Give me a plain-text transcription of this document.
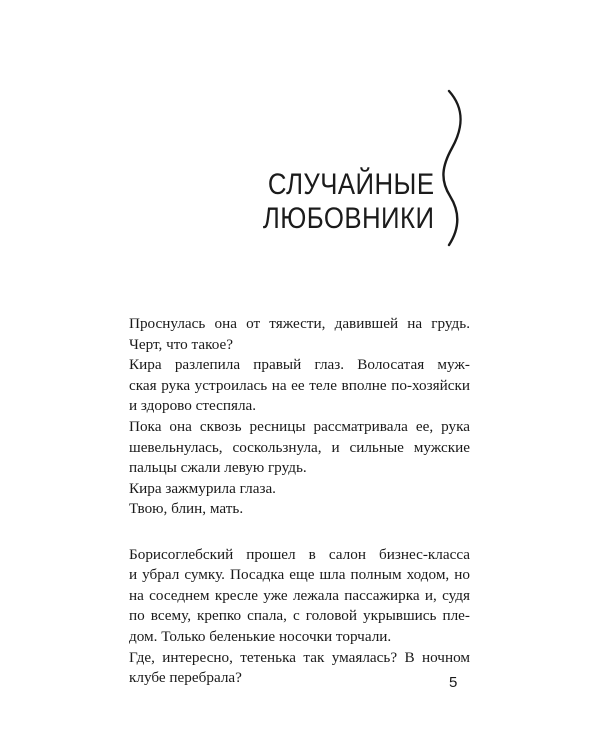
СЛУЧАЙНЫЕ
ЛЮБОВНИКИ
Проснулась она от тяжести, давившей на грудь.
Черт, что такое?
Кира разлепила правый глаз. Волосатая муж-
ская рука устроилась на ее теле вполне по-хозяйски
и здорово стеспяла.
Пока она сквозь ресницы рассматривала ее, рука
шевельнулась, соскользнула, и сильные мужские
пальцы сжали левую грудь.
Кира зажмурила глаза.
Твою, блин, мать.
Борисоглебский прошел в салон бизнес-класса
и убрал сумку. Посадка еще шла полным ходом, но
на соседнем кресле уже лежала пассажирка и, судя
по всему, крепко спала, с головой укрывшись пле-
дом. Только беленькие носочки торчали.
Где, интересно, тетенька так умаялась? В ночном
клубе перебрала?	5
